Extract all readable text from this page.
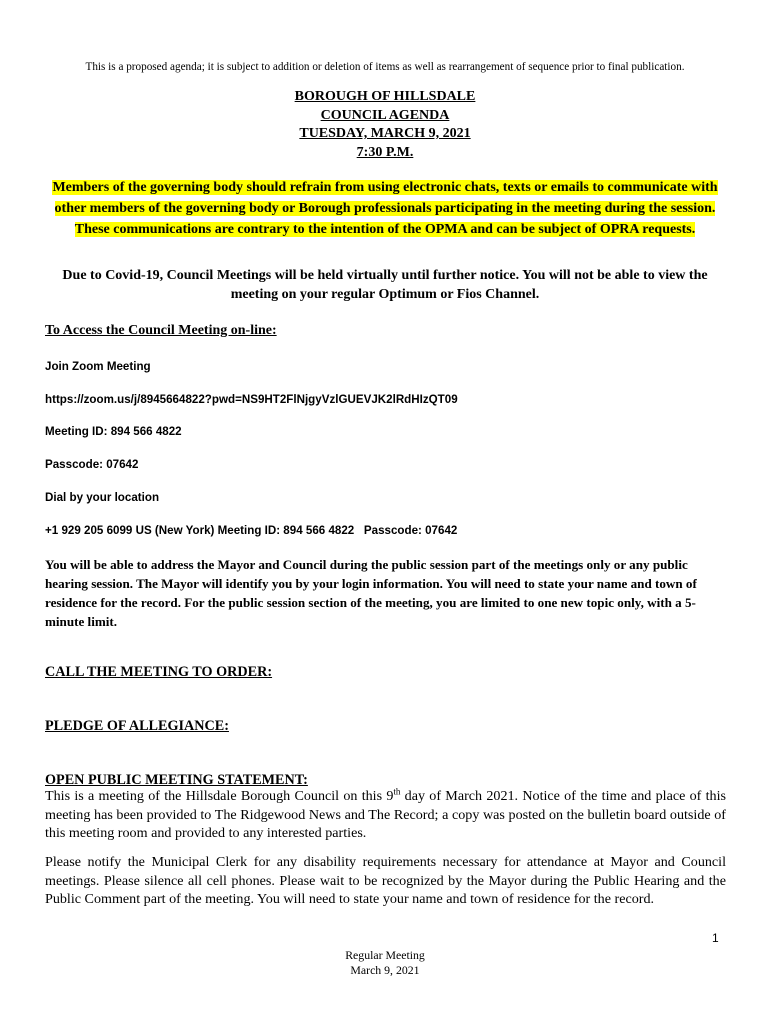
This is a proposed agenda; it is subject to addition or deletion of items as well as rearrangement of sequence prior to final publication.
BOROUGH OF HILLSDALE
COUNCIL AGENDA
TUESDAY, MARCH 9, 2021
7:30 P.M.
Members of the governing body should refrain from using electronic chats, texts or emails to communicate with other members of the governing body or Borough professionals participating in the meeting during the session. These communications are contrary to the intention of the OPMA and can be subject of OPRA requests.
Due to Covid-19, Council Meetings will be held virtually until further notice. You will not be able to view the meeting on your regular Optimum or Fios Channel.
To Access the Council Meeting on-line:
Join Zoom Meeting
https://zoom.us/j/89456648​22?pwd=NS9HT2FlNjgyVzlGUEVJK2lRdHIzQT09
Meeting ID: 894 566 4822
Passcode: 07642
Dial by your location
+1 929 205 6099 US (New York) Meeting ID: 894 566 4822   Passcode: 07642
You will be able to address the Mayor and Council during the public session part of the meetings only or any public hearing session. The Mayor will identify you by your login information. You will need to state your name and town of residence for the record. For the public session section of the meeting, you are limited to one new topic only, with a 5-minute limit.
CALL THE MEETING TO ORDER:
PLEDGE OF ALLEGIANCE:
OPEN PUBLIC MEETING STATEMENT:
This is a meeting of the Hillsdale Borough Council on this 9th day of March 2021. Notice of the time and place of this meeting has been provided to The Ridgewood News and The Record; a copy was posted on the bulletin board outside of this meeting room and provided to any interested parties.
Please notify the Municipal Clerk for any disability requirements necessary for attendance at Mayor and Council meetings. Please silence all cell phones. Please wait to be recognized by the Mayor during the Public Hearing and the Public Comment part of the meeting. You will need to state your name and town of residence for the record.
1
Regular Meeting
March 9, 2021
